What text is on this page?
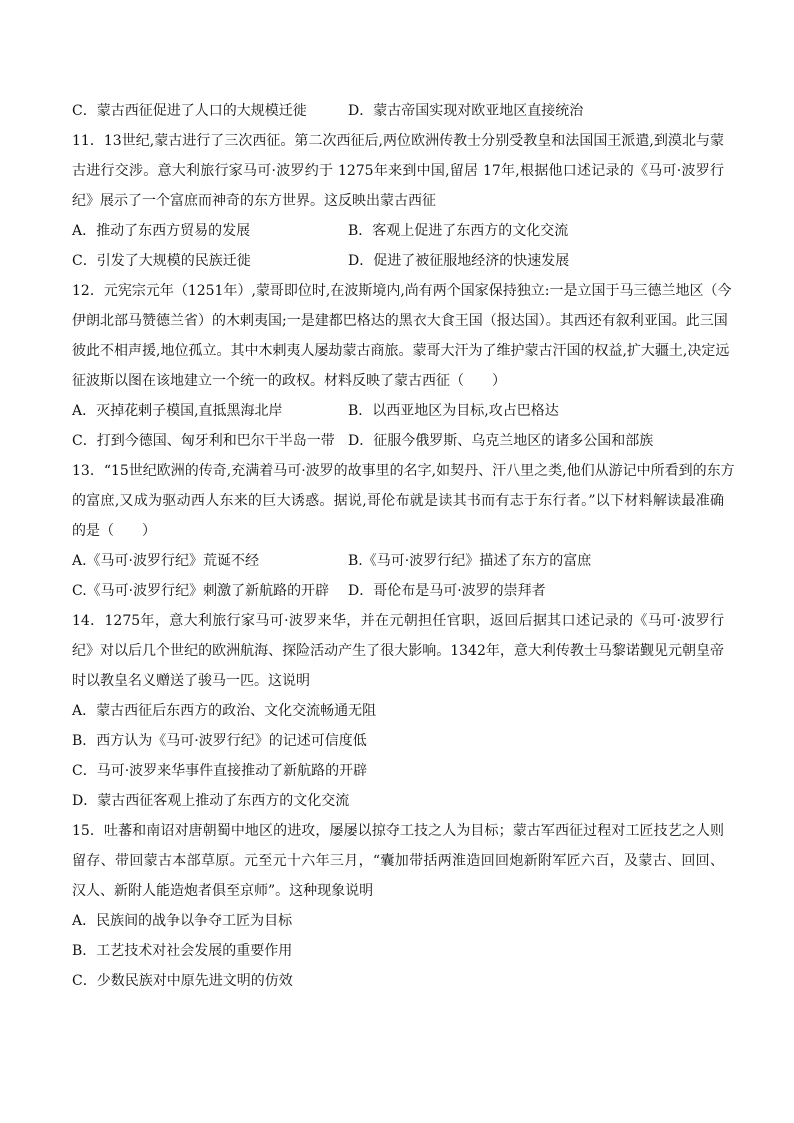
C．蒙古西征促进了人口的大规模迁徙	D．蒙古帝国实现对欧亚地区直接统治
11．13世纪,蒙古进行了三次西征。第二次西征后,两位欧洲传教士分别受教皇和法国国王派遣,到漠北与蒙
古进行交涉。意大利旅行家马可·波罗约于 1275年来到中国,留居 17年,根据他口述记录的《马可·波罗行
纪》展示了一个富庶而神奇的东方世界。这反映出蒙古西征
A．推动了东西方贸易的发展	B．客观上促进了东西方的文化交流
C．引发了大规模的民族迁徙	D．促进了被征服地经济的快速发展
12．元宪宗元年（1251年）,蒙哥即位时,在波斯境内,尚有两个国家保持独立:一是立国于马三德兰地区（今
伊朗北部马赞德兰省）的木剌夷国;一是建都巴格达的黑衣大食王国（报达国）。其西还有叙利亚国。此三国
彼此不相声援,地位孤立。其中木剌夷人屡劫蒙古商旅。蒙哥大汗为了维护蒙古汗国的权益,扩大疆土,决定远
征波斯以图在该地建立一个统一的政权。材料反映了蒙古西征（　　）
A．灭掉花剌子模国,直抵黑海北岸	B．以西亚地区为目标,攻占巴格达
C．打到今德国、匈牙利和巴尔干半岛一带 D．征服今俄罗斯、乌克兰地区的诸多公国和部族
13．“15世纪欧洲的传奇,充满着马可·波罗的故事里的名字,如契丹、汗八里之类,他们从游记中所看到的东方
的富庶,又成为驱动西人东来的巨大诱惑。据说,哥伦布就是读其书而有志于东行者。”以下材料解读最准确
的是（　　）
A.《马可·波罗行纪》荒诞不经	B.《马可·波罗行纪》描述了东方的富庶
C.《马可·波罗行纪》刺激了新航路的开辟 D．哥伦布是马可·波罗的崇拜者
14．1275年，意大利旅行家马可·波罗来华，并在元朝担任官职，返回后据其口述记录的《马可·波罗行
纪》对以后几个世纪的欧洲航海、探险活动产生了很大影响。1342年，意大利传教士马黎诺觐见元朝皇帝
时以教皇名义赠送了骏马一匹。这说明
A．蒙古西征后东西方的政治、文化交流畅通无阻
B．西方认为《马可·波罗行纪》的记述可信度低
C．马可·波罗来华事件直接推动了新航路的开辟
D．蒙古西征客观上推动了东西方的文化交流
15．吐蕃和南诏对唐朝蜀中地区的进攻，屡屡以掠夺工技之人为目标；蒙古军西征过程对工匠技艺之人则
留存、带回蒙古本部草原。元至元十六年三月，“囊加带括两淮造回回炮新附军匠六百，及蒙古、回回、
汉人、新附人能造炮者俱至京师”。这种现象说明
A．民族间的战争以争夺工匠为目标
B．工艺技术对社会发展的重要作用
C．少数民族对中原先进文明的仿效
